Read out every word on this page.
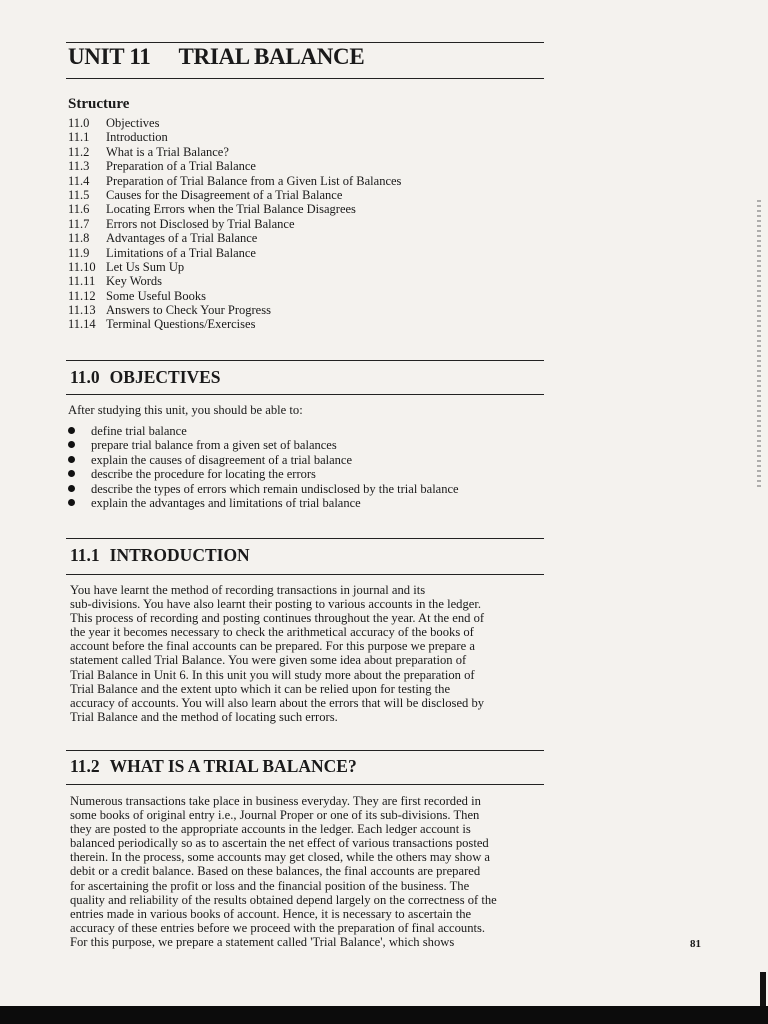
UNIT 11 TRIAL BALANCE
Structure
11.0 Objectives
11.1 Introduction
11.2 What is a Trial Balance?
11.3 Preparation of a Trial Balance
11.4 Preparation of Trial Balance from a Given List of Balances
11.5 Causes for the Disagreement of a Trial Balance
11.6 Locating Errors when the Trial Balance Disagrees
11.7 Errors not Disclosed by Trial Balance
11.8 Advantages of a Trial Balance
11.9 Limitations of a Trial Balance
11.10 Let Us Sum Up
11.11 Key Words
11.12 Some Useful Books
11.13 Answers to Check Your Progress
11.14 Terminal Questions/Exercises
11.0 OBJECTIVES
After studying this unit, you should be able to:
define trial balance
prepare trial balance from a given set of balances
explain the causes of disagreement of a trial balance
describe the procedure for locating the errors
describe the types of errors which remain undisclosed by the trial balance
explain the advantages and limitations of trial balance
11.1 INTRODUCTION
You have learnt the method of recording transactions in journal and its
sub-divisions. You have also learnt their posting to various accounts in the ledger.
This process of recording and posting continues throughout the year. At the end of
the year it becomes necessary to check the arithmetical accuracy of the books of
account before the final accounts can be prepared. For this purpose we prepare a
statement called Trial Balance. You were given some idea about preparation of
Trial Balance in Unit 6. In this unit you will study more about the preparation of
Trial Balance and the extent upto which it can be relied upon for testing the
accuracy of accounts. You will also learn about the errors that will be disclosed by
Trial Balance and the method of locating such errors.
11.2 WHAT IS A TRIAL BALANCE?
Numerous transactions take place in business everyday. They are first recorded in
some books of original entry i.e., Journal Proper or one of its sub-divisions. Then
they are posted to the appropriate accounts in the ledger. Each ledger account is
balanced periodically so as to ascertain the net effect of various transactions posted
therein. In the process, some accounts may get closed, while the others may show a
debit or a credit balance. Based on these balances, the final accounts are prepared
for ascertaining the profit or loss and the financial position of the business. The
quality and reliability of the results obtained depend largely on the correctness of the
entries made in various books of account. Hence, it is necessary to ascertain the
accuracy of these entries before we proceed with the preparation of final accounts.
For this purpose, we prepare a statement called 'Trial Balance', which shows	81
